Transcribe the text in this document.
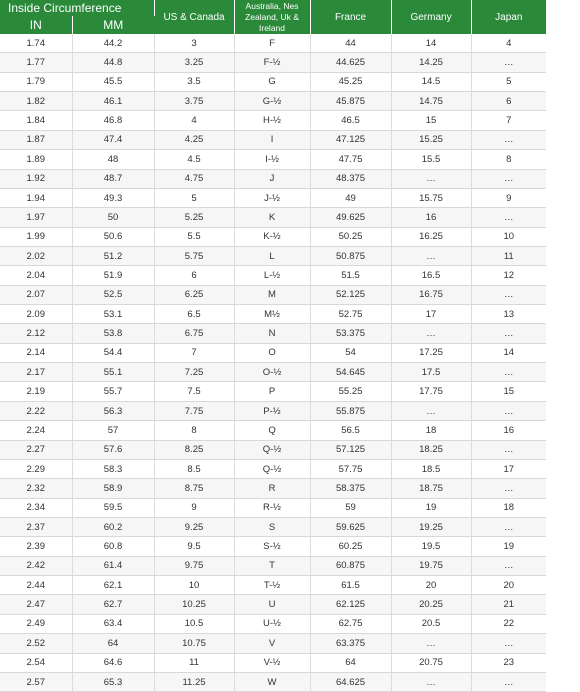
Inside Circumference		US & Canada	Australia, Nes Zealand, Uk & Ireland	France	Germany	Japan
IN	MM					
1.74	44.2	3	F	44	14	4
1.77	44.8	3.25	F-½	44.625	14.25	…
1.79	45.5	3.5	G	45.25	14.5	5
1.82	46.1	3.75	G-½	45.875	14.75	6
1.84	46.8	4	H-½	46.5	15	7
1.87	47.4	4.25	I	47.125	15.25	…
1.89	48	4.5	I-½	47.75	15.5	8
1.92	48.7	4.75	J	48.375	…	…
1.94	49.3	5	J-½	49	15.75	9
1.97	50	5.25	K	49.625	16	…
1.99	50.6	5.5	K-½	50.25	16.25	10
2.02	51.2	5.75	L	50.875	…	11
2.04	51.9	6	L-½	51.5	16.5	12
2.07	52.5	6.25	M	52.125	16.75	…
2.09	53.1	6.5	M½	52.75	17	13
2.12	53.8	6.75	N	53.375	…	…
2.14	54.4	7	O	54	17.25	14
2.17	55.1	7.25	O-½	54.645	17.5	…
2.19	55.7	7.5	P	55.25	17.75	15
2.22	56.3	7.75	P-½	55.875	…	…
2.24	57	8	Q	56.5	18	16
2.27	57.6	8.25	Q-½	57.125	18.25	…
2.29	58.3	8.5	Q-½	57.75	18.5	17
2.32	58.9	8.75	R	58.375	18.75	…
2.34	59.5	9	R-½	59	19	18
2.37	60.2	9.25	S	59.625	19.25	…
2.39	60.8	9.5	S-½	60.25	19.5	19
2.42	61.4	9.75	T	60.875	19.75	…
2.44	62.1	10	T-½	61.5	20	20
2.47	62.7	10.25	U	62.125	20.25	21
2.49	63.4	10.5	U-½	62.75	20.5	22
2.52	64	10.75	V	63.375	…	…
2.54	64.6	11	V-½	64	20.75	23
2.57	65.3	11.25	W	64.625	…	…
